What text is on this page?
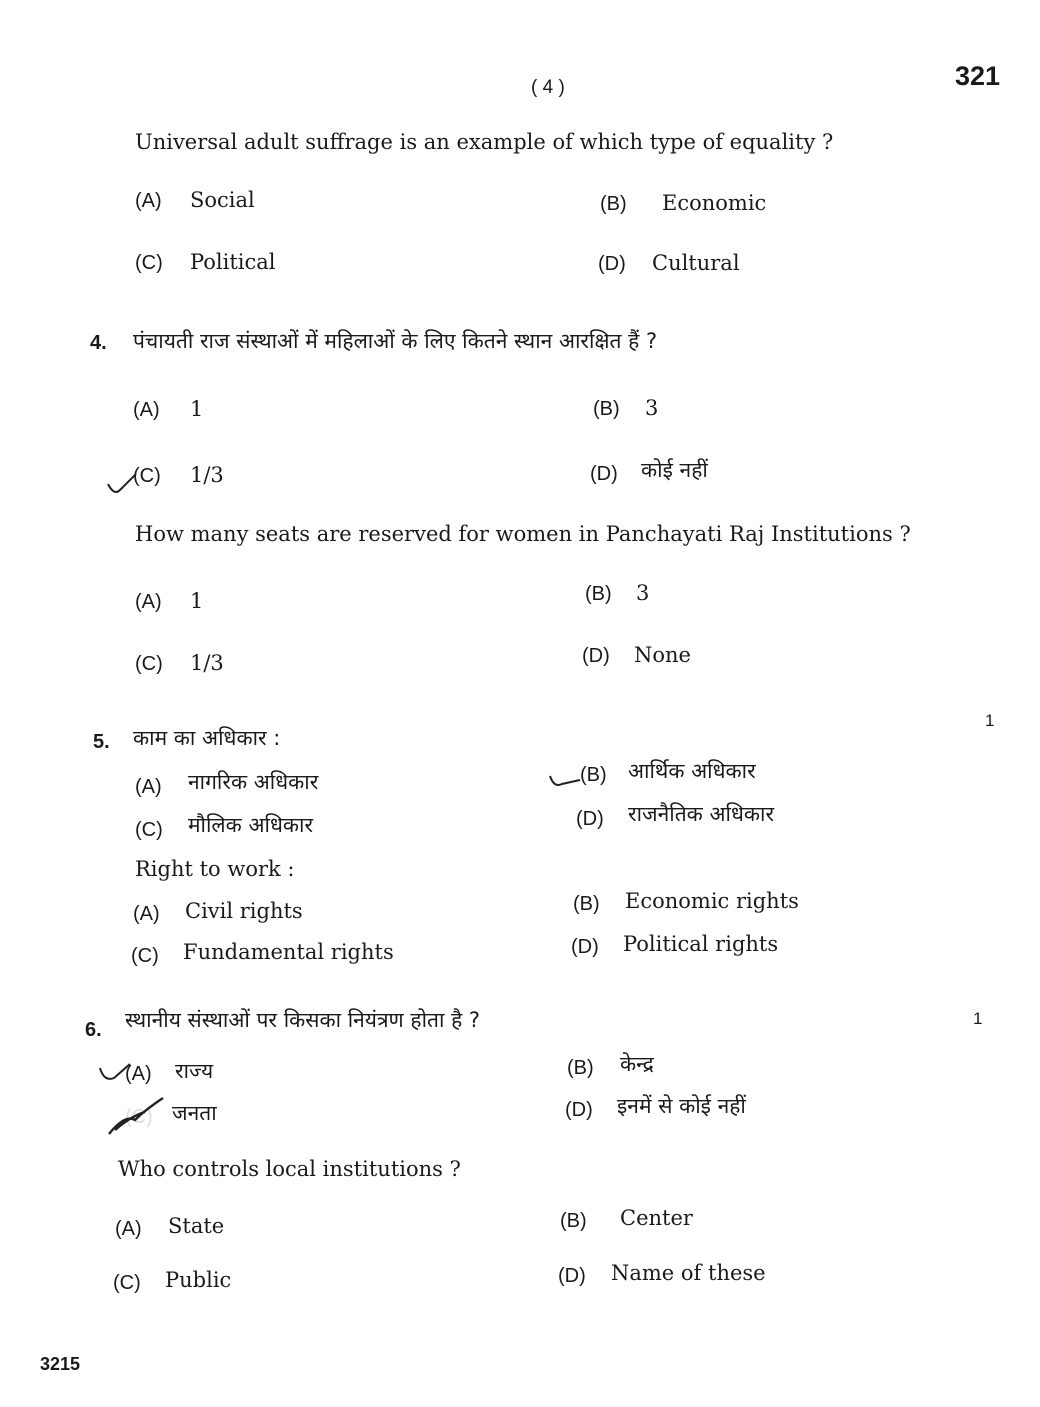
( 4 )	321
Universal adult suffrage is an example of which type of equality ?
(A) Social	(B) Economic
(C) Political	(D) Cultural
4. पंचायती राज संस्थाओं में महिलाओं के लिए कितने स्थान आरक्षित हैं ?
(A) 1	(B) 3
(C) 1/3	(D) कोई नहीं
How many seats are reserved for women in Panchayati Raj Institutions ?
(A) 1	(B) 3
(C) 1/3	(D) None
1
5. काम का अधिकार :
(A) नागरिक अधिकार	(B) आर्थिक अधिकार
(C) मौलिक अधिकार	(D) राजनैतिक अधिकार
Right to work :
(A) Civil rights	(B) Economic rights
(C) Fundamental rights	(D) Political rights
6. स्थानीय संस्थाओं पर किसका नियंत्रण होता है ?	1
(A) राज्य	(B) केन्द्र
(C) जनता	(D) इनमें से कोई नहीं
Who controls local institutions ?
(A) State	(B) Center
(C) Public	(D) Name of these
3215
